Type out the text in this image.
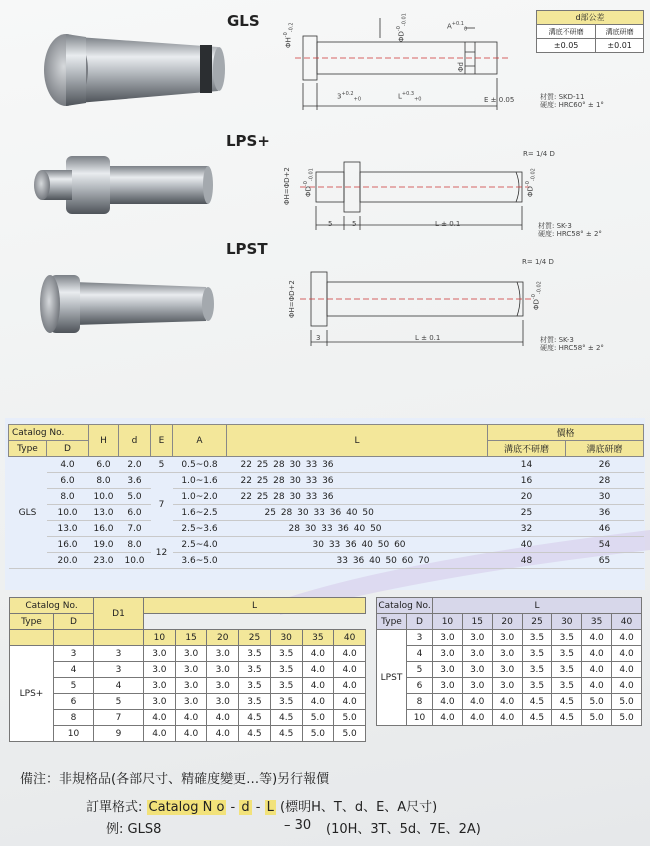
GLS
LPS+
LPST
$\Phi H^{-0}_{-0.2}$
$\Phi D^{-0}_{-0.01}$
Φd
$A^{+0.1}_0$
$3^{+0.2}_{+0}$	$L^{+0.3}_{+0}$	E ± 0.05	材質: SKD-11
硬度: HRC60° ± 1°
d部公差	
溝底不研磨	溝底研磨
±0.05	±0.01
ΦH=ΦD+2	$\Phi D^{-0}_{-0.01}$
$\Phi D^{-0}_{-0.02}$
R= 1/4 D
5	5	L ± 0.1	材質: SK-3
硬度: HRC58° ± 2°
ΦH=ΦD+2	$\Phi D^{-0}_{-0.02}$
R= 1/4 D
3	L ± 0.1	材質: SK-3
硬度: HRC58° ± 2°
Catalog No.		H	d	E	A	L	價格	
Type	D						溝底不研磨	溝底研磨
GLS	4.0	6.0	2.0	5	0.5~0.8	22 25 28 30 33 36	14	26
	6.0	8.0	3.6	7	1.0~1.6	22 25 28 30 33 36	16	28
	8.0	10.0	5.0		1.0~2.0	22 25 28 30 33 36	20	30
	10.0	13.0	6.0		1.6~2.5	25 28 30 33 36 40 50	25	36
	13.0	16.0	7.0		2.5~3.6	28 30 33 36 40 50	32	46
	16.0	19.0	8.0	12	2.5~4.0	30 33 36 40 50 60	40	54
	20.0	23.0	10.0		3.6~5.0	33 36 40 50 60 70	48	65
Catalog No.		D1	L						
Type	D								
			10	15	20	25	30	35	40
LPS+	3	3	3.0	3.0	3.0	3.5	3.5	4.0	4.0
	4	3	3.0	3.0	3.0	3.5	3.5	4.0	4.0
	5	4	3.0	3.0	3.0	3.5	3.5	4.0	4.0
	6	5	3.0	3.0	3.0	3.5	3.5	4.0	4.0
	8	7	4.0	4.0	4.0	4.5	4.5	5.0	5.0
	10	9	4.0	4.0	4.0	4.5	4.5	5.0	5.0
Catalog No.		L						
Type	D	10	15	20	25	30	35	40
LPST	3	3.0	3.0	3.0	3.5	3.5	4.0	4.0
	4	3.0	3.0	3.0	3.5	3.5	4.0	4.0
	5	3.0	3.0	3.0	3.5	3.5	4.0	4.0
	6	3.0	3.0	3.0	3.5	3.5	4.0	4.0
	8	4.0	4.0	4.0	4.5	4.5	5.0	5.0
	10	4.0	4.0	4.0	4.5	4.5	5.0	5.0
備注：非規格品(各部尺寸、精確度變更…等)另行報價
訂單格式: Catalog N o - d - L (標明H、T、d、E、A尺寸)
例: GLS8	– 30 (10H、3T、5d、7E、2A)
